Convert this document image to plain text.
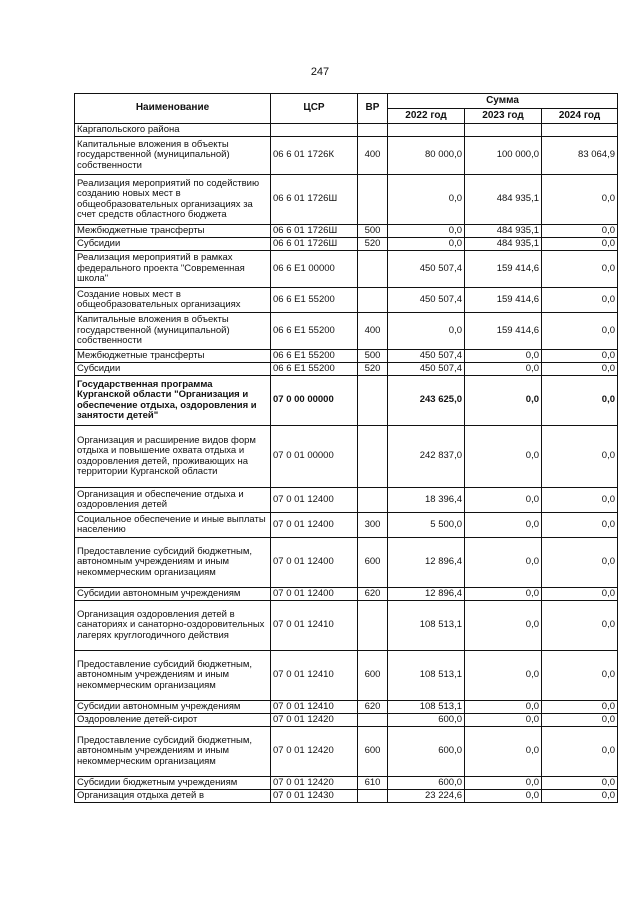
247
Наименование	ЦСР	ВР	Сумма		
			2022 год	2023 год	2024 год
Каргапольского района					
Капитальные вложения в объекты государственной (муниципальной) собственности	06 6 01 1726К	400	80 000,0	100 000,0	83 064,9
Реализация мероприятий по содействию созданию новых мест в общеобразовательных организациях за счет средств областного бюджета	06 6 01 1726Ш		0,0	484 935,1	0,0
Межбюджетные трансферты	06 6 01 1726Ш	500	0,0	484 935,1	0,0
Субсидии	06 6 01 1726Ш	520	0,0	484 935,1	0,0
Реализация мероприятий в рамках федерального проекта "Современная школа"	06 6 E1 00000		450 507,4	159 414,6	0,0
Создание новых мест в общеобразовательных организациях	06 6 E1 55200		450 507,4	159 414,6	0,0
Капитальные вложения в объекты государственной (муниципальной) собственности	06 6 E1 55200	400	0,0	159 414,6	0,0
Межбюджетные трансферты	06 6 E1 55200	500	450 507,4	0,0	0,0
Субсидии	06 6 E1 55200	520	450 507,4	0,0	0,0
Государственная программа Курганской области "Организация и обеспечение отдыха, оздоровления и занятости детей"	07 0 00 00000		243 625,0	0,0	0,0
Организация и расширение видов форм отдыха и повышение охвата отдыха и оздоровления детей, проживающих на территории Курганской области	07 0 01 00000		242 837,0	0,0	0,0
Организация и обеспечение отдыха и оздоровления детей	07 0 01 12400		18 396,4	0,0	0,0
Социальное обеспечение и иные выплаты населению	07 0 01 12400	300	5 500,0	0,0	0,0
Предоставление субсидий бюджетным, автономным учреждениям и иным некоммерческим организациям	07 0 01 12400	600	12 896,4	0,0	0,0
Субсидии автономным учреждениям	07 0 01 12400	620	12 896,4	0,0	0,0
Организация оздоровления детей в санаториях и санаторно-оздоровительных лагерях круглогодичного действия	07 0 01 12410		108 513,1	0,0	0,0
Предоставление субсидий бюджетным, автономным учреждениям и иным некоммерческим организациям	07 0 01 12410	600	108 513,1	0,0	0,0
Субсидии автономным учреждениям	07 0 01 12410	620	108 513,1	0,0	0,0
Оздоровление детей-сирот	07 0 01 12420		600,0	0,0	0,0
Предоставление субсидий бюджетным, автономным учреждениям и иным некоммерческим организациям	07 0 01 12420	600	600,0	0,0	0,0
Субсидии бюджетным учреждениям	07 0 01 12420	610	600,0	0,0	0,0
Организация отдыха детей в	07 0 01 12430		23 224,6	0,0	0,0
